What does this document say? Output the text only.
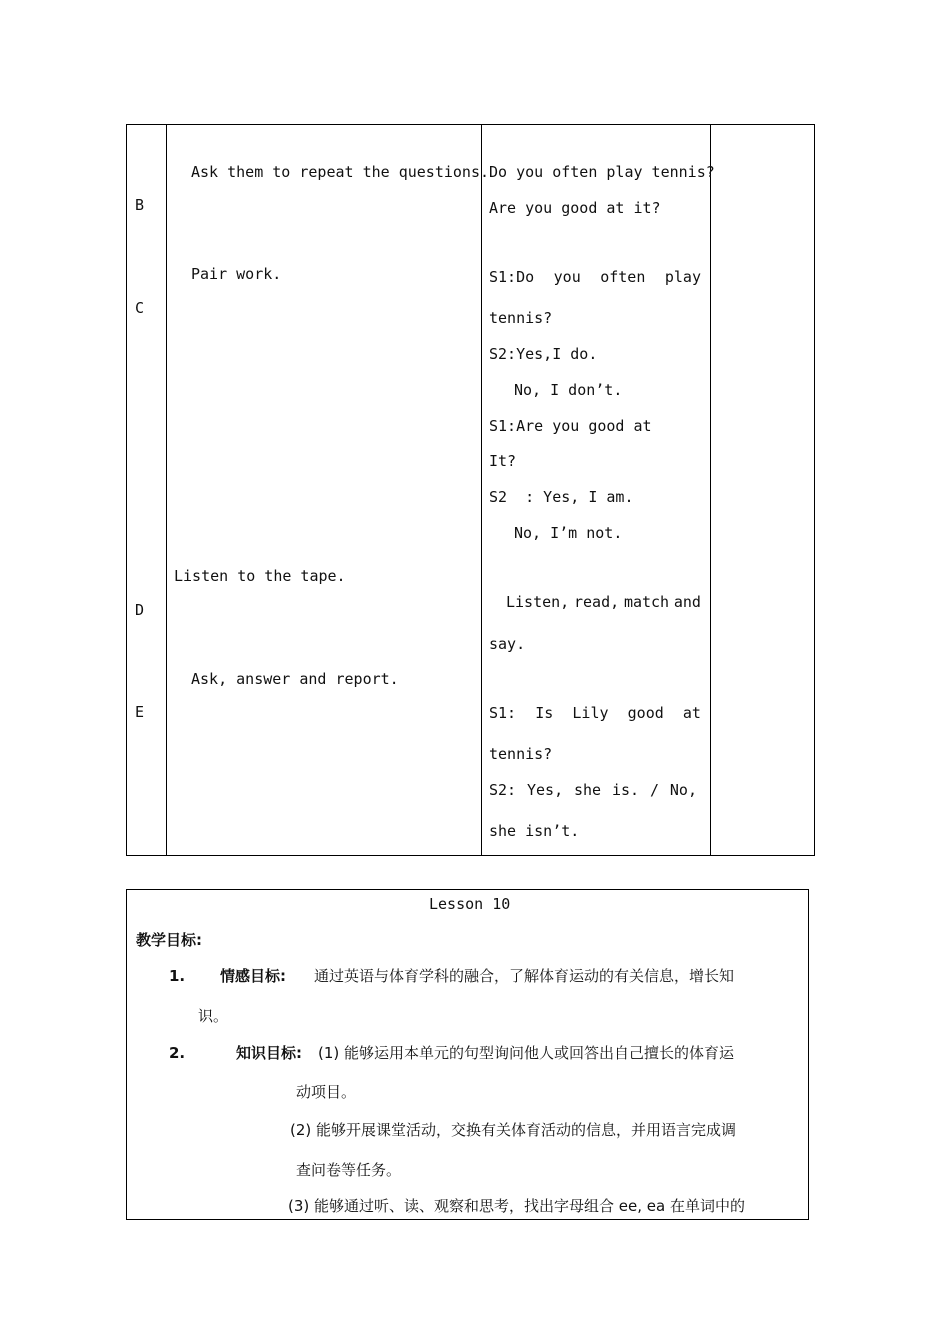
B
C
D
E
Ask them to repeat the questions.
Pair work.
Listen to the tape.
Ask, answer and report.
Do you often play tennis?
Are you good at it?
S1:Do you often play
tennis?
S2:Yes,I do.
No, I don’t.
S1:Are you good at
It?
S2  : Yes, I am.
No, I’m not.
Listen, read, match and
say.
S1: Is Lily good at
tennis?
S2: Yes, she is. / No,
she isn’t.
Lesson 10
教学目标:
1. 情感目标: 通过英语与体育学科的融合，了解体育运动的有关信息，增长知
识。
2.	知识目标: (1) 能够运用本单元的句型询问他人或回答出自己擅长的体育运
动项目。
(2) 能够开展课堂活动，交换有关体育活动的信息，并用语言完成调
查问卷等任务。
(3) 能够通过听、读、观察和思考，找出字母组合 ee, ea 在单词中的
